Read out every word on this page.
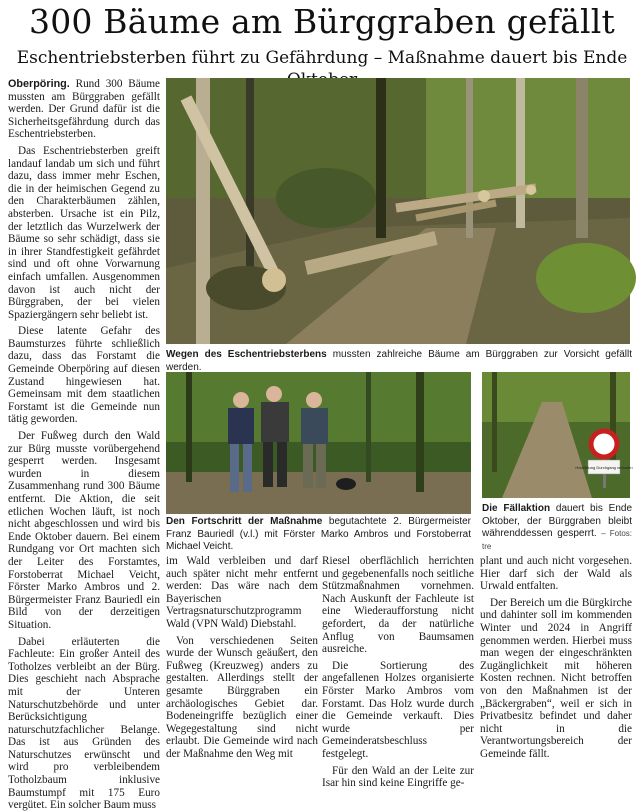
300 Bäume am Bürggraben gefällt
Eschentriebsterben führt zu Gefährdung – Maßnahme dauert bis Ende

Oberpöring. Rund 300 Bäume mussten am Bürggraben gefällt werden. Der Grund dafür ist die Sicherheitsgefährdung durch das Eschentriebsterben.

Das Eschentriebsterben greift landauf landab um sich und führt dazu, dass immer mehr Eschen, die in der heimischen Gegend zu den Charakterbäumen zählen, absterben. Ursache ist ein Pilz, der letztlich das Wurzelwerk der Bäume so sehr schädigt, dass sie in ihrer Standfestigkeit gefährdet sind und oft ohne Vorwarnung einfach umfallen. Ausgenommen davon ist auch nicht der Bürggraben, der bei vielen Spaziergängern sehr beliebt ist.

Diese latente Gefahr des Baumsturzes führte schließlich dazu, dass das Forstamt die Gemeinde Oberpöring auf diesen Zustand hingewiesen hat. Gemeinsam mit dem staatlichen Forstamt ist die Gemeinde nun tätig geworden.

Der Fußweg durch den Wald zur Bürg musste vorübergehend gesperrt werden. Insgesamt wurden in diesem Zusammenhang rund 300 Bäume entfernt. Die Aktion, die seit etlichen Wochen läuft, ist noch nicht abgeschlossen und wird bis Ende Oktober dauern. Bei einem Rundgang vor Ort machten sich der Leiter des Forstamtes, Forstoberrat Michael Veicht, Förster Marko Ambros und 2. Bürgermeister Franz Bauriedl ein Bild von der derzeitigen Situation.

Dabei erläuterten die Fachleute: Ein großer Anteil des Totholzes verbleibt an der Bürg. Dies geschieht nach Absprache mit der Unteren Naturschutzbehörde und unter Berücksichtigung naturschutzfachlicher Belange. Das ist aus Gründen des Naturschutzes erwünscht und wird pro verbleibendem Totholzbaum inklusive Baumstumpf mit 175 Euro vergütet. Ein solcher Baum muss

Wegen des Eschentriebsterbens mussten zahlreiche Bäume am Bürggraben zur Vorsicht gefällt werden.
Den Fortschritt der Maßnahme begutachtete 2. Bürgermeister Franz Bauriedl (v.l.) mit Förster Marko Ambros und Forstoberrat Michael Veicht.
Holzfällung Durchgang verboten
Die Fällaktion dauert bis Ende Oktober, der Bürggraben bleibt währenddessen gesperrt. – Fotos: tre

im Wald verbleiben und darf auch später nicht mehr entfernt werden: Das wäre nach dem Bayerischen Vertragsnaturschutzprogramm Wald (VPN Wald) Diebstahl.

Von verschiedenen Seiten wurde der Wunsch geäußert, den Fußweg (Kreuzweg) anders zu gestalten. Allerdings stellt der gesamte Bürggraben ein archäologisches Gebiet dar. Bodeneingriffe bezüglich einer Wegegestaltung sind nicht erlaubt. Die Gemeinde wird nach der Maßnahme den Weg mit

Riesel oberflächlich herrichten und gegebenenfalls noch seitliche Stützmaßnahmen vornehmen. Nach Auskunft der Fachleute ist eine Wiederaufforstung nicht gefordert, da der natürliche Anflug von Baumsamen ausreiche.

Die Sortierung des angefallenen Holzes organisierte Förster Marko Ambros vom Forstamt. Das Holz wurde durch die Gemeinde verkauft. Dies wurde per Gemeinderatsbeschluss festgelegt.

Für den Wald an der Leite zur Isar hin sind keine Eingriffe ge-

plant und auch nicht vorgesehen. Hier darf sich der Wald als Urwald entfalten.

Der Bereich um die Bürgkirche und dahinter soll im kommenden Winter und 2024 in Angriff genommen werden. Hierbei muss man wegen der eingeschränkten Zugänglichkeit mit höheren Kosten rechnen. Nicht betroffen von den Maßnahmen ist der „Bäckergraben“, weil er sich in Privatbesitz befindet und daher nicht in die Verantwortungsbereich der Gemeinde fällt.
